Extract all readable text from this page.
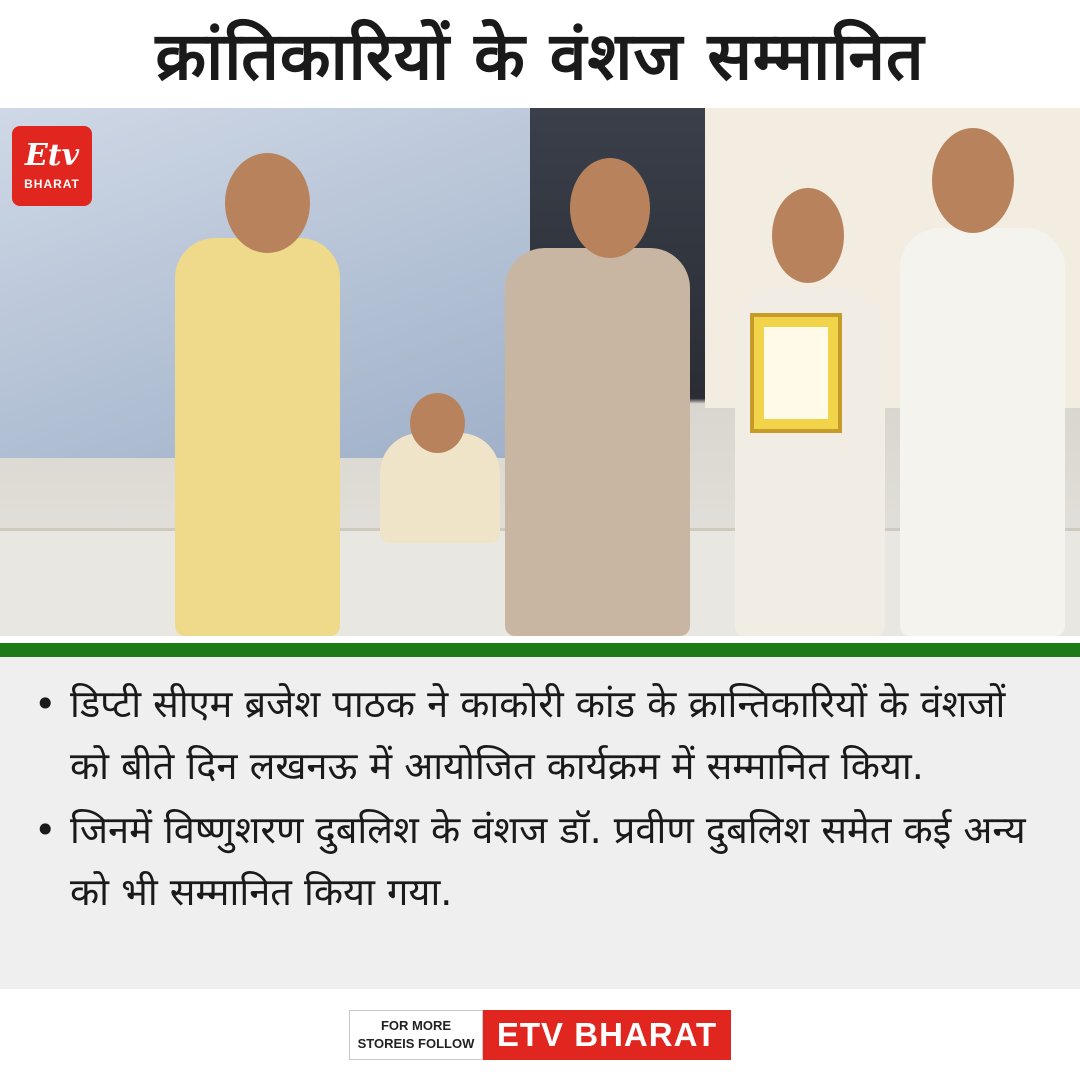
क्रांतिकारियों के वंशज सम्मानित
Etv
BHARAT
• डिप्टी सीएम ब्रजेश पाठक ने काकोरी कांड के क्रान्तिकारियों के वंशजों को बीते दिन लखनऊ में आयोजित कार्यक्रम में सम्मानित किया.
• जिनमें विष्णुशरण दुबलिश के वंशज डॉ. प्रवीण दुबलिश समेत कई अन्य को भी सम्मानित किया गया.
FOR MORE
STOREIS FOLLOW ETV BHARAT
